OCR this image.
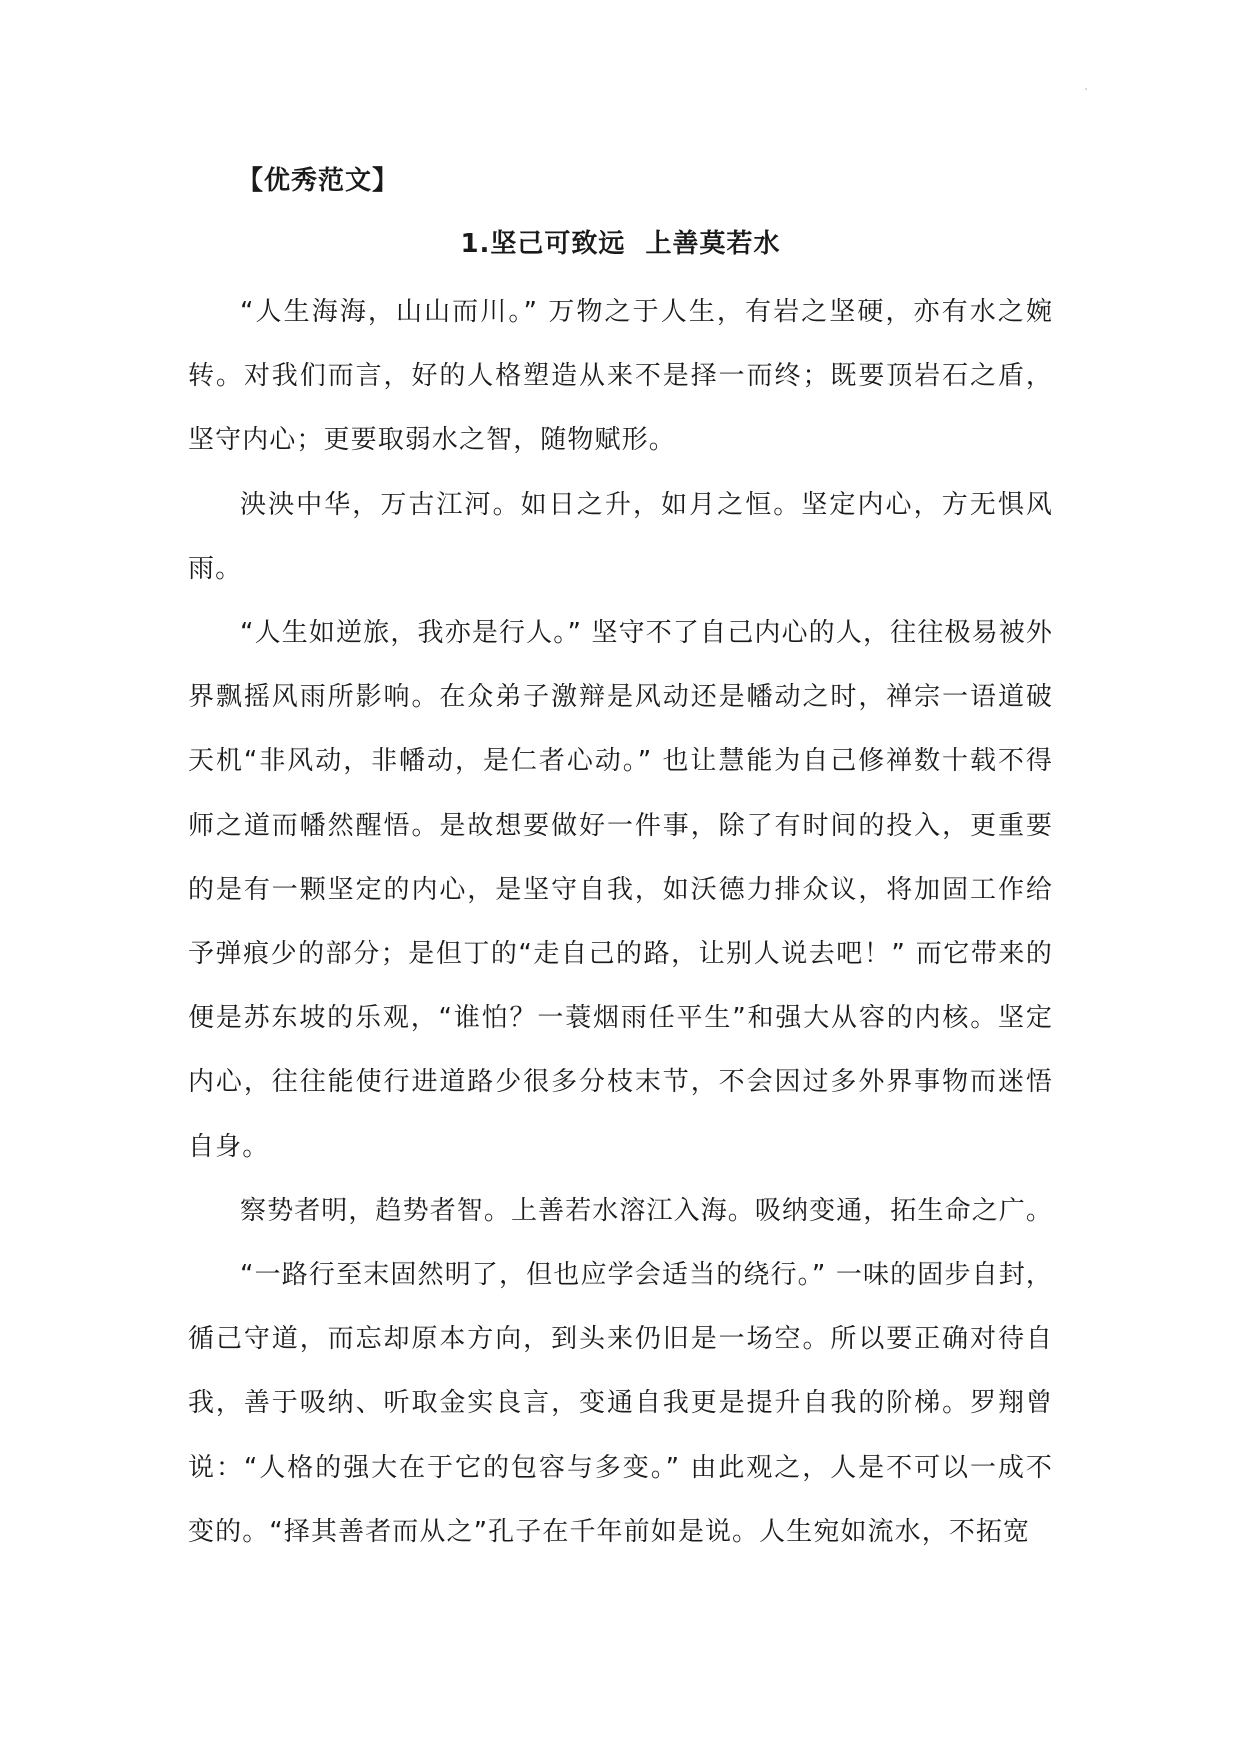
【优秀范文】
1.坚己可致远  上善莫若水

“人生海海，山山而川。” 万物之于人生，有岩之坚硬，亦有水之婉转。对我们而言，好的人格塑造从来不是择一而终；既要顶岩石之盾，坚守内心；更要取弱水之智，随物赋形。

泱泱中华，万古江河。如日之升，如月之恒。坚定内心，方无惧风雨。

“人生如逆旅，我亦是行人。” 坚守不了自己内心的人，往往极易被外界飘摇风雨所影响。在众弟子激辩是风动还是幡动之时，禅宗一语道破天机“非风动，非幡动，是仁者心动。” 也让慧能为自己修禅数十载不得师之道而幡然醒悟。是故想要做好一件事，除了有时间的投入，更重要的是有一颗坚定的内心，是坚守自我，如沃德力排众议，将加固工作给予弹痕少的部分；是但丁的“走自己的路，让别人说去吧！” 而它带来的便是苏东坡的乐观，“谁怕？一蓑烟雨任平生”和强大从容的内核。坚定内心，往往能使行进道路少很多分枝末节，不会因过多外界事物而迷悟自身。

察势者明，趋势者智。上善若水溶江入海。吸纳变通，拓生命之广。

“一路行至末固然明了，但也应学会适当的绕行。” 一味的固步自封，循己守道，而忘却原本方向，到头来仍旧是一场空。所以要正确对待自我，善于吸纳、听取金实良言，变通自我更是提升自我的阶梯。罗翔曾说：“人格的强大在于它的包容与多变。” 由此观之，人是不可以一成不变的。“择其善者而从之”孔子在千年前如是说。人生宛如流水，不拓宽
